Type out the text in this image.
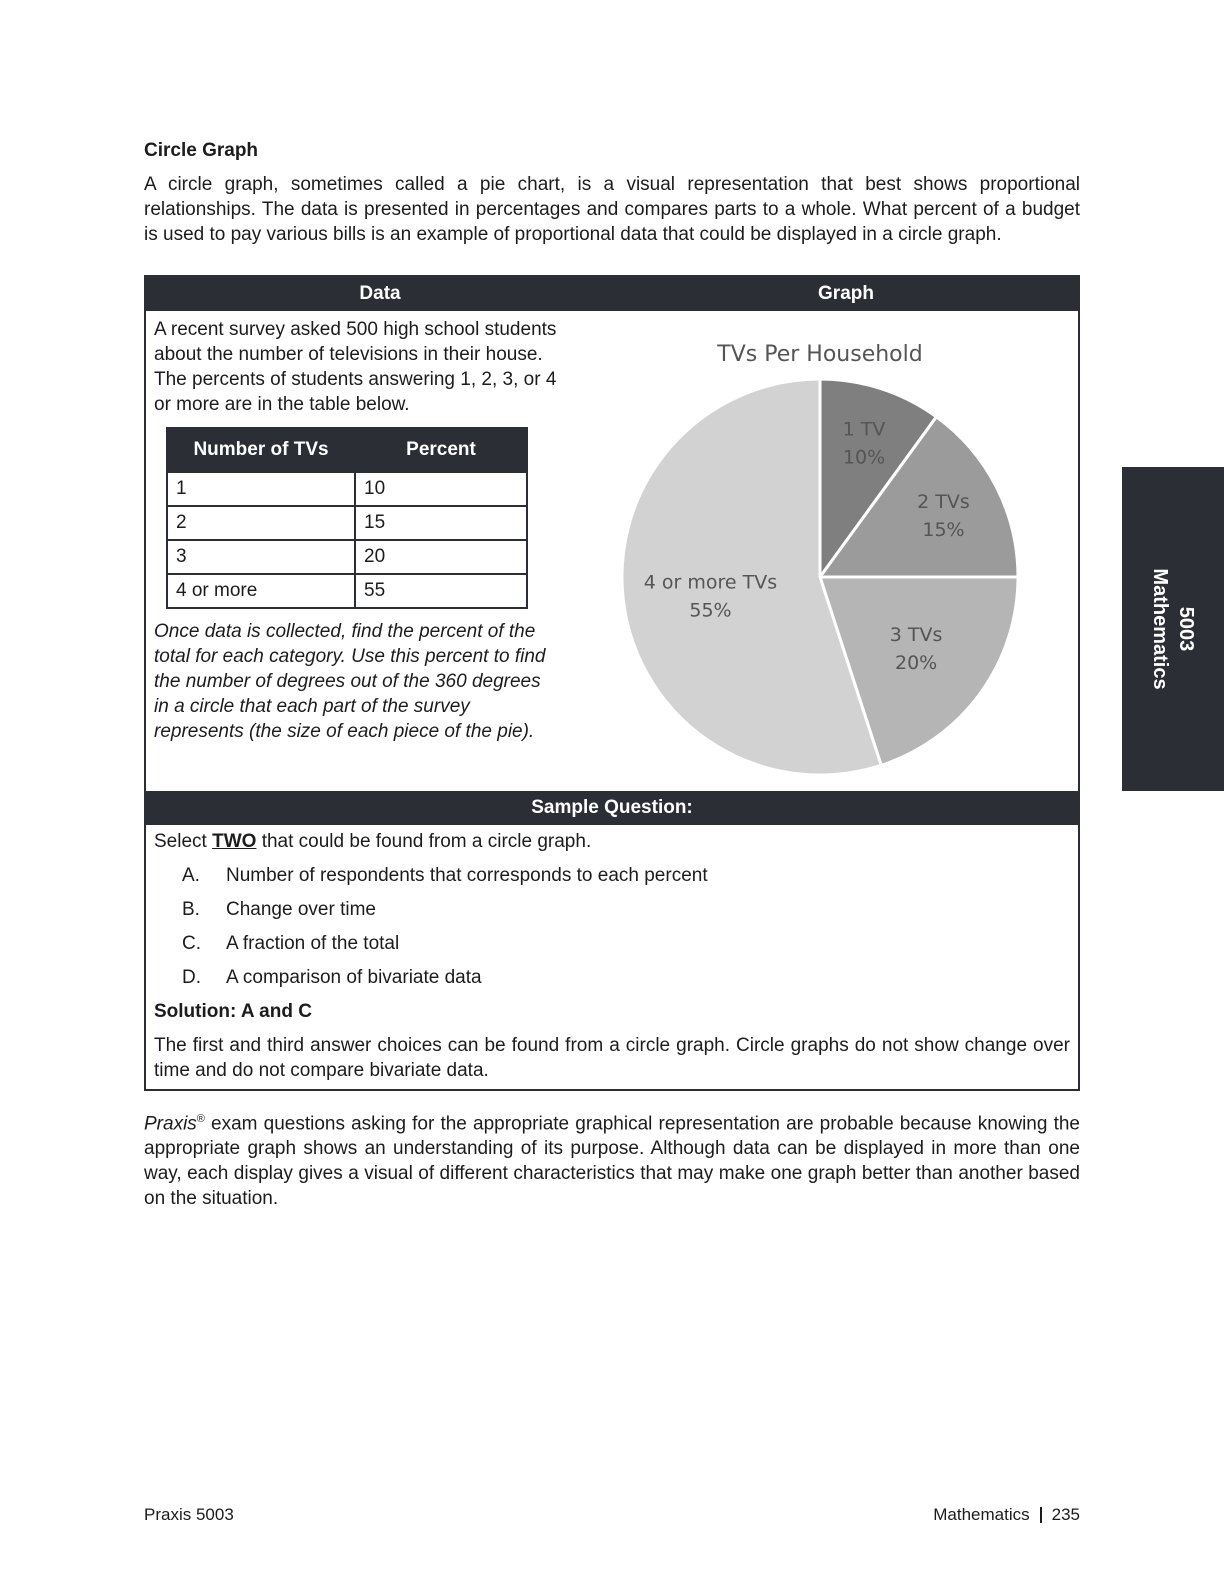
Circle Graph

A circle graph, sometimes called a pie chart, is a visual representation that best shows proportional relationships. The data is presented in percentages and compares parts to a whole. What percent of a budget is used to pay various bills is an example of proportional data that could be displayed in a circle graph.

Data	Graph

A recent survey asked 500 high school students about the number of televisions in their house. The percents of students answering 1, 2, 3, or 4 or more are in the table below.

Number of TVs	Percent
1	10
2	15
3	20
4 or more	55

Once data is collected, find the percent of the total for each category. Use this percent to find the number of degrees out of the 360 degrees in a circle that each part of the survey represents (the size of each piece of the pie).

TVs Per Household
1 TV
10%
2 TVs
15%
3 TVs
20%
4 or more TVs
55%
Sample Question:

Select TWO that could be found from a circle graph.

A.	Number of respondents that corresponds to each percent
B.	Change over time
C.	A fraction of the total
D.	A comparison of bivariate data

Solution: A and C

The first and third answer choices can be found from a circle graph. Circle graphs do not show change over time and do not compare bivariate data.

Praxis® exam questions asking for the appropriate graphical representation are probable because knowing the appropriate graph shows an understanding of its purpose. Although data can be displayed in more than one way, each display gives a visual of different characteristics that may make one graph better than another based on the situation.

5003
Mathematics
Praxis 5003	Mathematics 235
